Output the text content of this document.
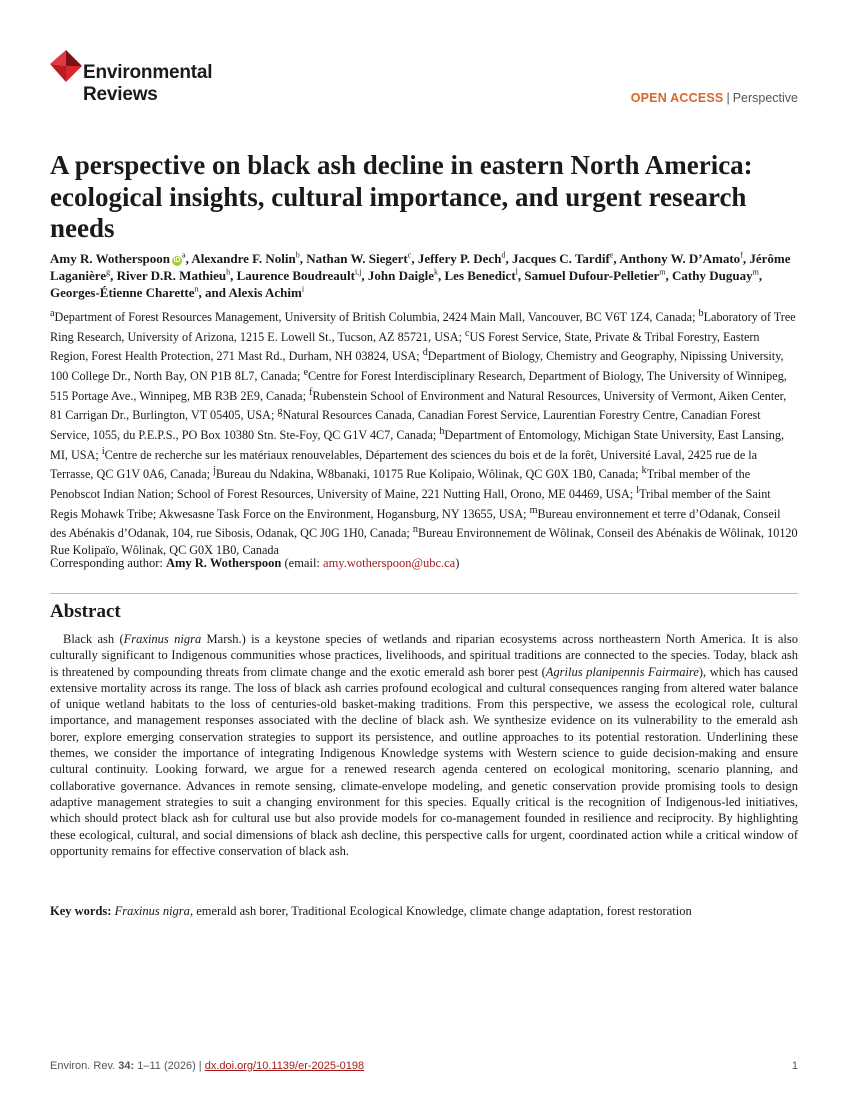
Environmental
Reviews	OPEN ACCESS | Perspective
A perspective on black ash decline in eastern North America: ecological insights, cultural importance, and urgent research needs
Amy R. Wotherspoon $iD^a$, Alexandre F. Nolin$^b$, Nathan W. Siegert$^c$, Jeffery P. Dech$^d$, Jacques C. Tardif$^e$, Anthony W. D’Amato$^f$, Jérôme Laganière$^g$, River D.R. Mathieu$^h$, Laurence Boudreault$^{i,j}$, John Daigle$^k$, Les Benedict$^l$, Samuel Dufour-Pelletier$^m$, Cathy Duguay$^m$, Georges-Étienne Charette$^n$, and Alexis Achim$^i$

$^a$Department of Forest Resources Management, University of British Columbia, 2424 Main Mall, Vancouver, BC V6T 1Z4, Canada; $^b$Laboratory of Tree Ring Research, University of Arizona, 1215 E. Lowell St., Tucson, AZ 85721, USA; $^c$US Forest Service, State, Private & Tribal Forestry, Eastern Region, Forest Health Protection, 271 Mast Rd., Durham, NH 03824, USA; $^d$Department of Biology, Chemistry and Geography, Nipissing University, 100 College Dr., North Bay, ON P1B 8L7, Canada; $^e$Centre for Forest Interdisciplinary Research, Department of Biology, The University of Winnipeg, 515 Portage Ave., Winnipeg, MB R3B 2E9, Canada; $^f$Rubenstein School of Environment and Natural Resources, University of Vermont, Aiken Center, 81 Carrigan Dr., Burlington, VT 05405, USA; $^g$Natural Resources Canada, Canadian Forest Service, Laurentian Forestry Centre, Canadian Forest Service, 1055, du P.E.P.S., PO Box 10380 Stn. Ste-Foy, QC G1V 4C7, Canada; $^h$Department of Entomology, Michigan State University, East Lansing, MI, USA; $^i$Centre de recherche sur les matériaux renouvelables, Département des sciences du bois et de la forêt, Université Laval, 2425 rue de la Terrasse, QC G1V 0A6, Canada; $^j$Bureau du Ndakina, W8banaki, 10175 Rue Kolipaio, Wôlinak, QC G0X 1B0, Canada; $^k$Tribal member of the Penobscot Indian Nation; School of Forest Resources, University of Maine, 221 Nutting Hall, Orono, ME 04469, USA; $^l$Tribal member of the Saint Regis Mohawk Tribe; Akwesasne Task Force on the Environment, Hogansburg, NY 13655, USA; $^m$Bureau environnement et terre d’Odanak, Conseil des Abénakis d’Odanak, 104, rue Sibosis, Odanak, QC J0G 1H0, Canada; $^n$Bureau Environnement de Wôlinak, Conseil des Abénakis de Wôlinak, 10120 Rue Kolipaïo, Wôlinak, QC G0X 1B0, Canada

Corresponding author: Amy R. Wotherspoon (email: amy.wotherspoon@ubc.ca)
Abstract

Black ash (Fraxinus nigra Marsh.) is a keystone species of wetlands and riparian ecosystems across northeastern North America. It is also culturally significant to Indigenous communities whose practices, livelihoods, and spiritual traditions are connected to the species. Today, black ash is threatened by compounding threats from climate change and the exotic emerald ash borer pest (Agrilus planipennis Fairmaire), which has caused extensive mortality across its range. The loss of black ash carries profound ecological and cultural consequences ranging from altered water balance of unique wetland habitats to the loss of centuries-old basket-making traditions. From this perspective, we assess the ecological role, cultural importance, and management responses associated with the decline of black ash. We synthesize evidence on its vulnerability to the emerald ash borer, explore emerging conservation strategies to support its persistence, and outline approaches to its potential restoration. Underlining these themes, we consider the importance of integrating Indigenous Knowledge systems with Western science to guide decision-making and ensure cultural continuity. Looking forward, we argue for a renewed research agenda centered on ecological monitoring, scenario planning, and collaborative governance. Advances in remote sensing, climate-envelope modeling, and genetic conservation provide promising tools to design adaptive management strategies to suit a changing environment for this species. Equally critical is the recognition of Indigenous-led initiatives, which should protect black ash for cultural use but also provide models for co-management founded in resilience and reciprocity. By highlighting these ecological, cultural, and social dimensions of black ash decline, this perspective calls for urgent, coordinated action while a critical window of opportunity remains for effective conservation of black ash.

Key words: Fraxinus nigra, emerald ash borer, Traditional Ecological Knowledge, climate change adaptation, forest restoration
Environ. Rev. 34: 1–11 (2026) | dx.doi.org/10.1139/er-2025-0198	1
